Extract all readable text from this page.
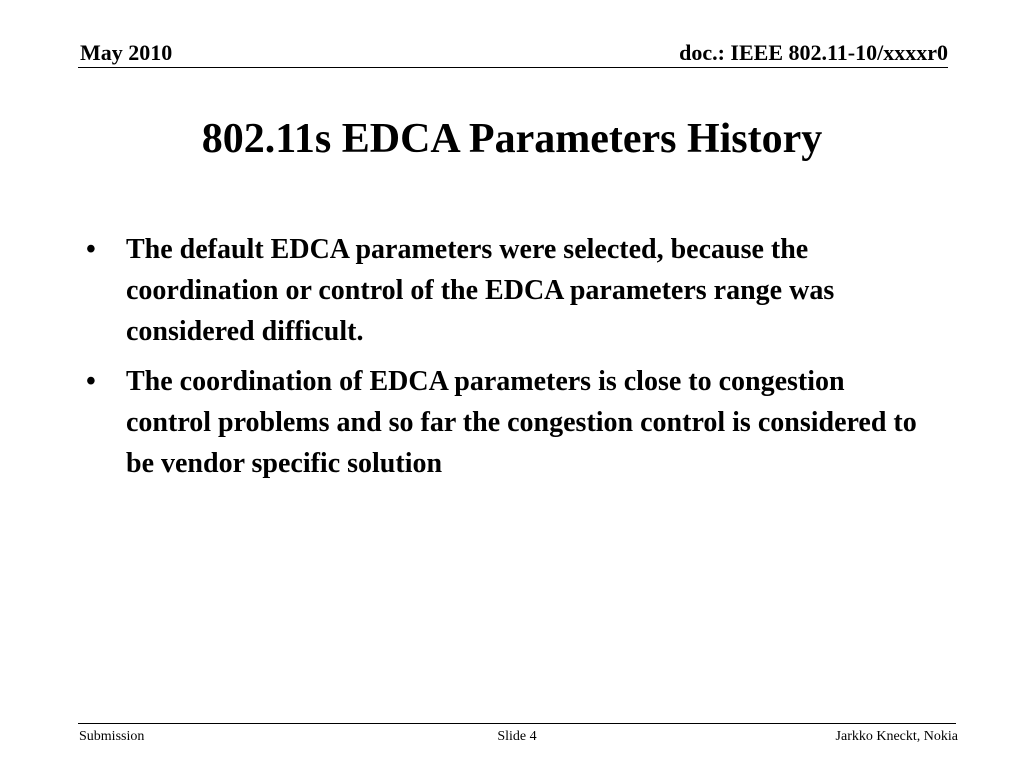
May 2010	doc.: IEEE 802.11-10/xxxxr0
802.11s EDCA Parameters History
• The default EDCA parameters were selected, because the coordination or control of the EDCA parameters range was considered difficult.
• The coordination of EDCA parameters is close to congestion control problems and so far the congestion control is considered to be vendor specific solution
Submission	Slide 4	Jarkko Kneckt, Nokia
